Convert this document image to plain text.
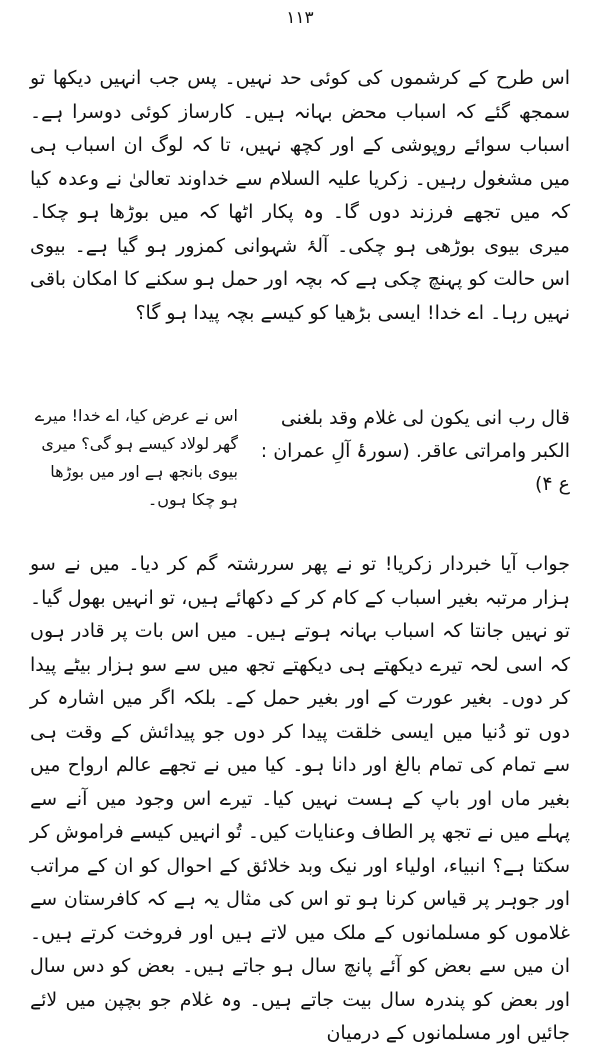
۱۱۳

اس طرح کے کرشموں کی کوئی حد نہیں۔ پس جب انہیں دیکھا تو سمجھ گئے کہ اسباب محض بہانہ ہیں۔ کارساز کوئی دوسرا ہے۔ اسباب سوائے روپوشی کے اور کچھ نہیں، تا کہ لوگ ان اسباب ہی میں مشغول رہیں۔ زکریا علیہ السلام سے خداوند تعالیٰ نے وعدہ کیا کہ میں تجھے فرزند دوں گا۔ وہ پکار اٹھا کہ میں بوڑھا ہو چکا۔ میری بیوی بوڑھی ہو چکی۔ آلۂ شہوانی کمزور ہو گیا ہے۔ بیوی اس حالت کو پہنچ چکی ہے کہ بچہ اور حمل ہو سکنے کا امکان باقی نہیں رہا۔ اے خدا! ایسی بڑھیا کو کیسے بچہ پیدا ہو گا؟

قال رب انی یکون لی غلام وقد بلغنی الکبر وامراتی عاقر. (سورۂ آلِ عمران : ع ۴)

اس نے عرض کیا، اے خدا! میرے گھر لولاد کیسے ہو گی؟ میری بیوی بانجھ ہے اور میں بوڑھا ہو چکا ہوں۔

جواب آیا خبردار زکریا! تو نے پھر سررشتہ گم کر دیا۔ میں نے سو ہزار مرتبہ بغیر اسباب کے کام کر کے دکھائے ہیں، تو انہیں بھول گیا۔ تو نہیں جانتا کہ اسباب بہانہ ہوتے ہیں۔ میں اس بات پر قادر ہوں کہ اسی لحہ تیرے دیکھتے ہی دیکھتے تجھ میں سے سو ہزار بیٹے پیدا کر دوں۔ بغیر عورت کے اور بغیر حمل کے۔ بلکہ اگر میں اشارہ کر دوں تو دُنیا میں ایسی خلقت پیدا کر دوں جو پیدائش کے وقت ہی سے تمام کی تمام بالغ اور دانا ہو۔ کیا میں نے تجھے عالم ارواح میں بغیر ماں اور باپ کے ہست نہیں کیا۔ تیرے اس وجود میں آنے سے پہلے میں نے تجھ پر الطاف وعنایات کیں۔ تُو انہیں کیسے فراموش کر سکتا ہے؟ انبیاء، اولیاء اور نیک وبد خلائق کے احوال کو ان کے مراتب اور جوہر پر قیاس کرنا ہو تو اس کی مثال یہ ہے کہ کافرستان سے غلاموں کو مسلمانوں کے ملک میں لاتے ہیں اور فروخت کرتے ہیں۔ ان میں سے بعض کو آئے پانچ سال ہو جاتے ہیں۔ بعض کو دس سال اور بعض کو پندرہ سال بیت جاتے ہیں۔ وہ غلام جو بچپن میں لائے جائیں اور مسلمانوں کے درمیان
